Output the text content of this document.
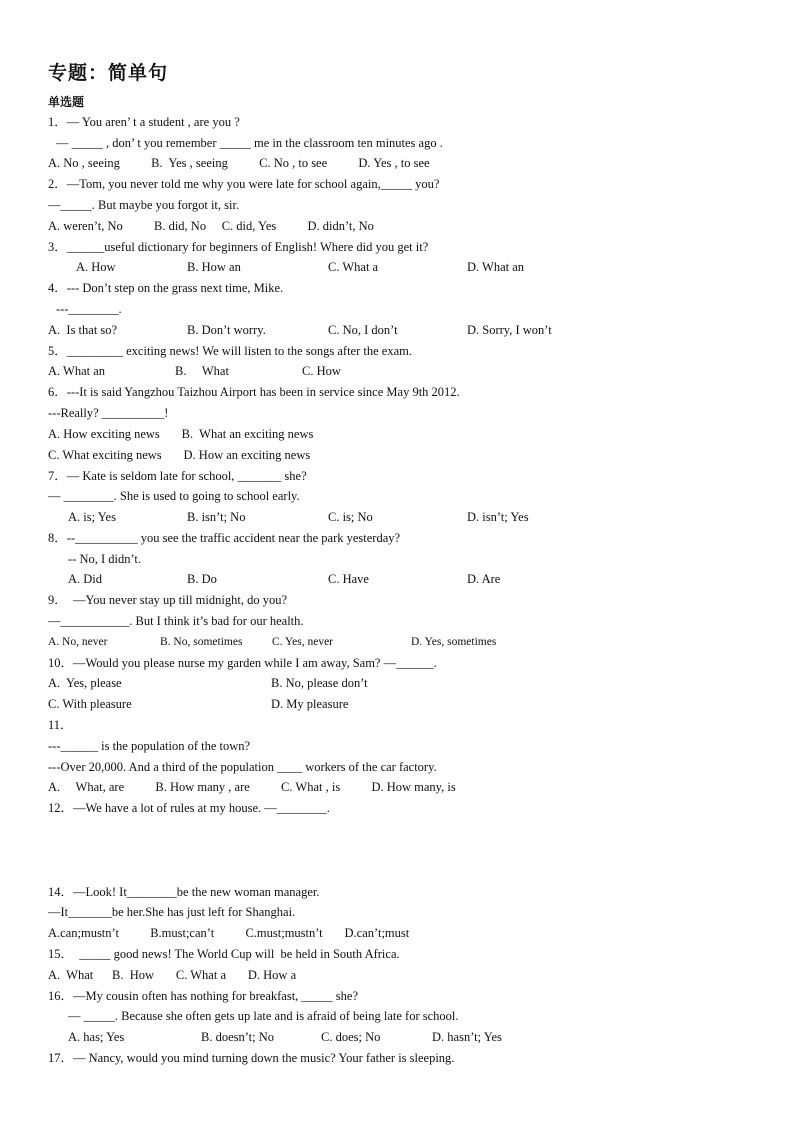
专题：简单句
单选题
1．— You aren’ t a student , are you ?
— _____ , don’ t you remember _____ me in the classroom ten minutes ago .
A. No , seeing          B.  Yes , seeing          C. No , to see          D. Yes , to see
2．—Tom, you never told me why you were late for school again,_____ you?
—_____. But maybe you forgot it, sir.
A. weren’t, No          B. did, No     C. did, Yes          D. didn’t, No
3．______useful dictionary for beginners of English! Where did you get it?
A. How	B. How an	C. What a	D. What an
4．--- Don’t step on the grass next time, Mike.
---________.
A.  Is that so?	B. Don’t worry.	C. No, I don’t	D. Sorry, I won’t
5．_________ exciting news! We will listen to the songs after the exam.
A. What an	B.     What	C. How
6．---It is said Yangzhou Taizhou Airport has been in service since May 9th 2012.
---Really? __________!
A. How exciting news       B.  What an exciting news
C. What exciting news       D. How an exciting news
7．— Kate is seldom late for school, _______ she?
— ________. She is used to going to school early.
A. is; Yes	B. isn’t; No	C. is; No	D. isn’t; Yes
8．--__________ you see the traffic accident near the park yesterday?
-- No, I didn’t.
A. Did	B. Do	C. Have	D. Are
9．  —You never stay up till midnight, do you?
—___________. But I think it’s bad for our health.
A. No, never	B. No, sometimes	C. Yes, never	D. Yes, sometimes
10．—Would you please nurse my garden while I am away, Sam? —______.
A.  Yes, please	B. No, please don’t
C. With pleasure	D. My pleasure
11．
---______ is the population of the town?
---Over 20,000. And a third of the population ____ workers of the car factory.
A.     What, are          B. How many , are          C. What , is          D. How many, is
12．—We have a lot of rules at my house. —________.
14．—Look! It________be the new woman manager.
—It_______be her.She has just left for Shanghai.
A.can;mustn’t          B.must;can’t          C.must;mustn’t       D.can’t;must
15．  _____ good news! The World Cup will  be held in South Africa.
A.  What      B.  How       C. What a       D. How a
16．—My cousin often has nothing for breakfast, _____ she?
— _____. Because she often gets up late and is afraid of being late for school.
A. has; Yes	B. doesn’t; No	C. does; No	D. hasn’t; Yes
17．— Nancy, would you mind turning down the music? Your father is sleeping.
